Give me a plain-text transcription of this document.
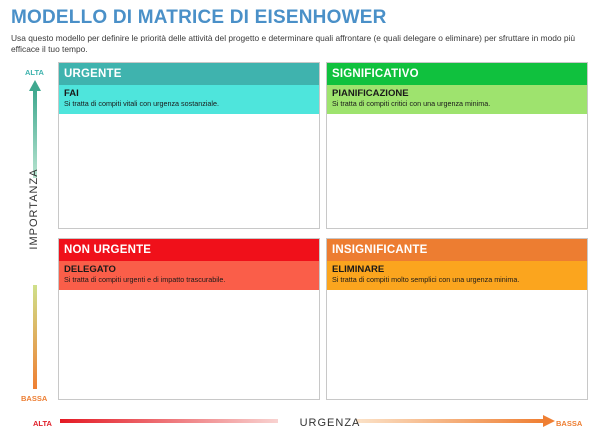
MODELLO DI MATRICE DI EISENHOWER
Usa questo modello per definire le priorità delle attività del progetto e determinare quali affrontare (e quali delegare o eliminare) per sfruttare in modo più efficace il tuo tempo.
ALTA
IMPORTANZA
BASSA
URGENTE
FAI
Si tratta di compiti vitali con urgenza sostanziale.
SIGNIFICATIVO
PIANIFICAZIONE
Si tratta di compiti critici con una urgenza minima.
NON URGENTE
DELEGATO
Si tratta di compiti urgenti e di impatto trascurabile.
INSIGNIFICANTE
ELIMINARE
Si tratta di compiti molto semplici con una urgenza minima.
ALTA	URGENZA	BASSA
